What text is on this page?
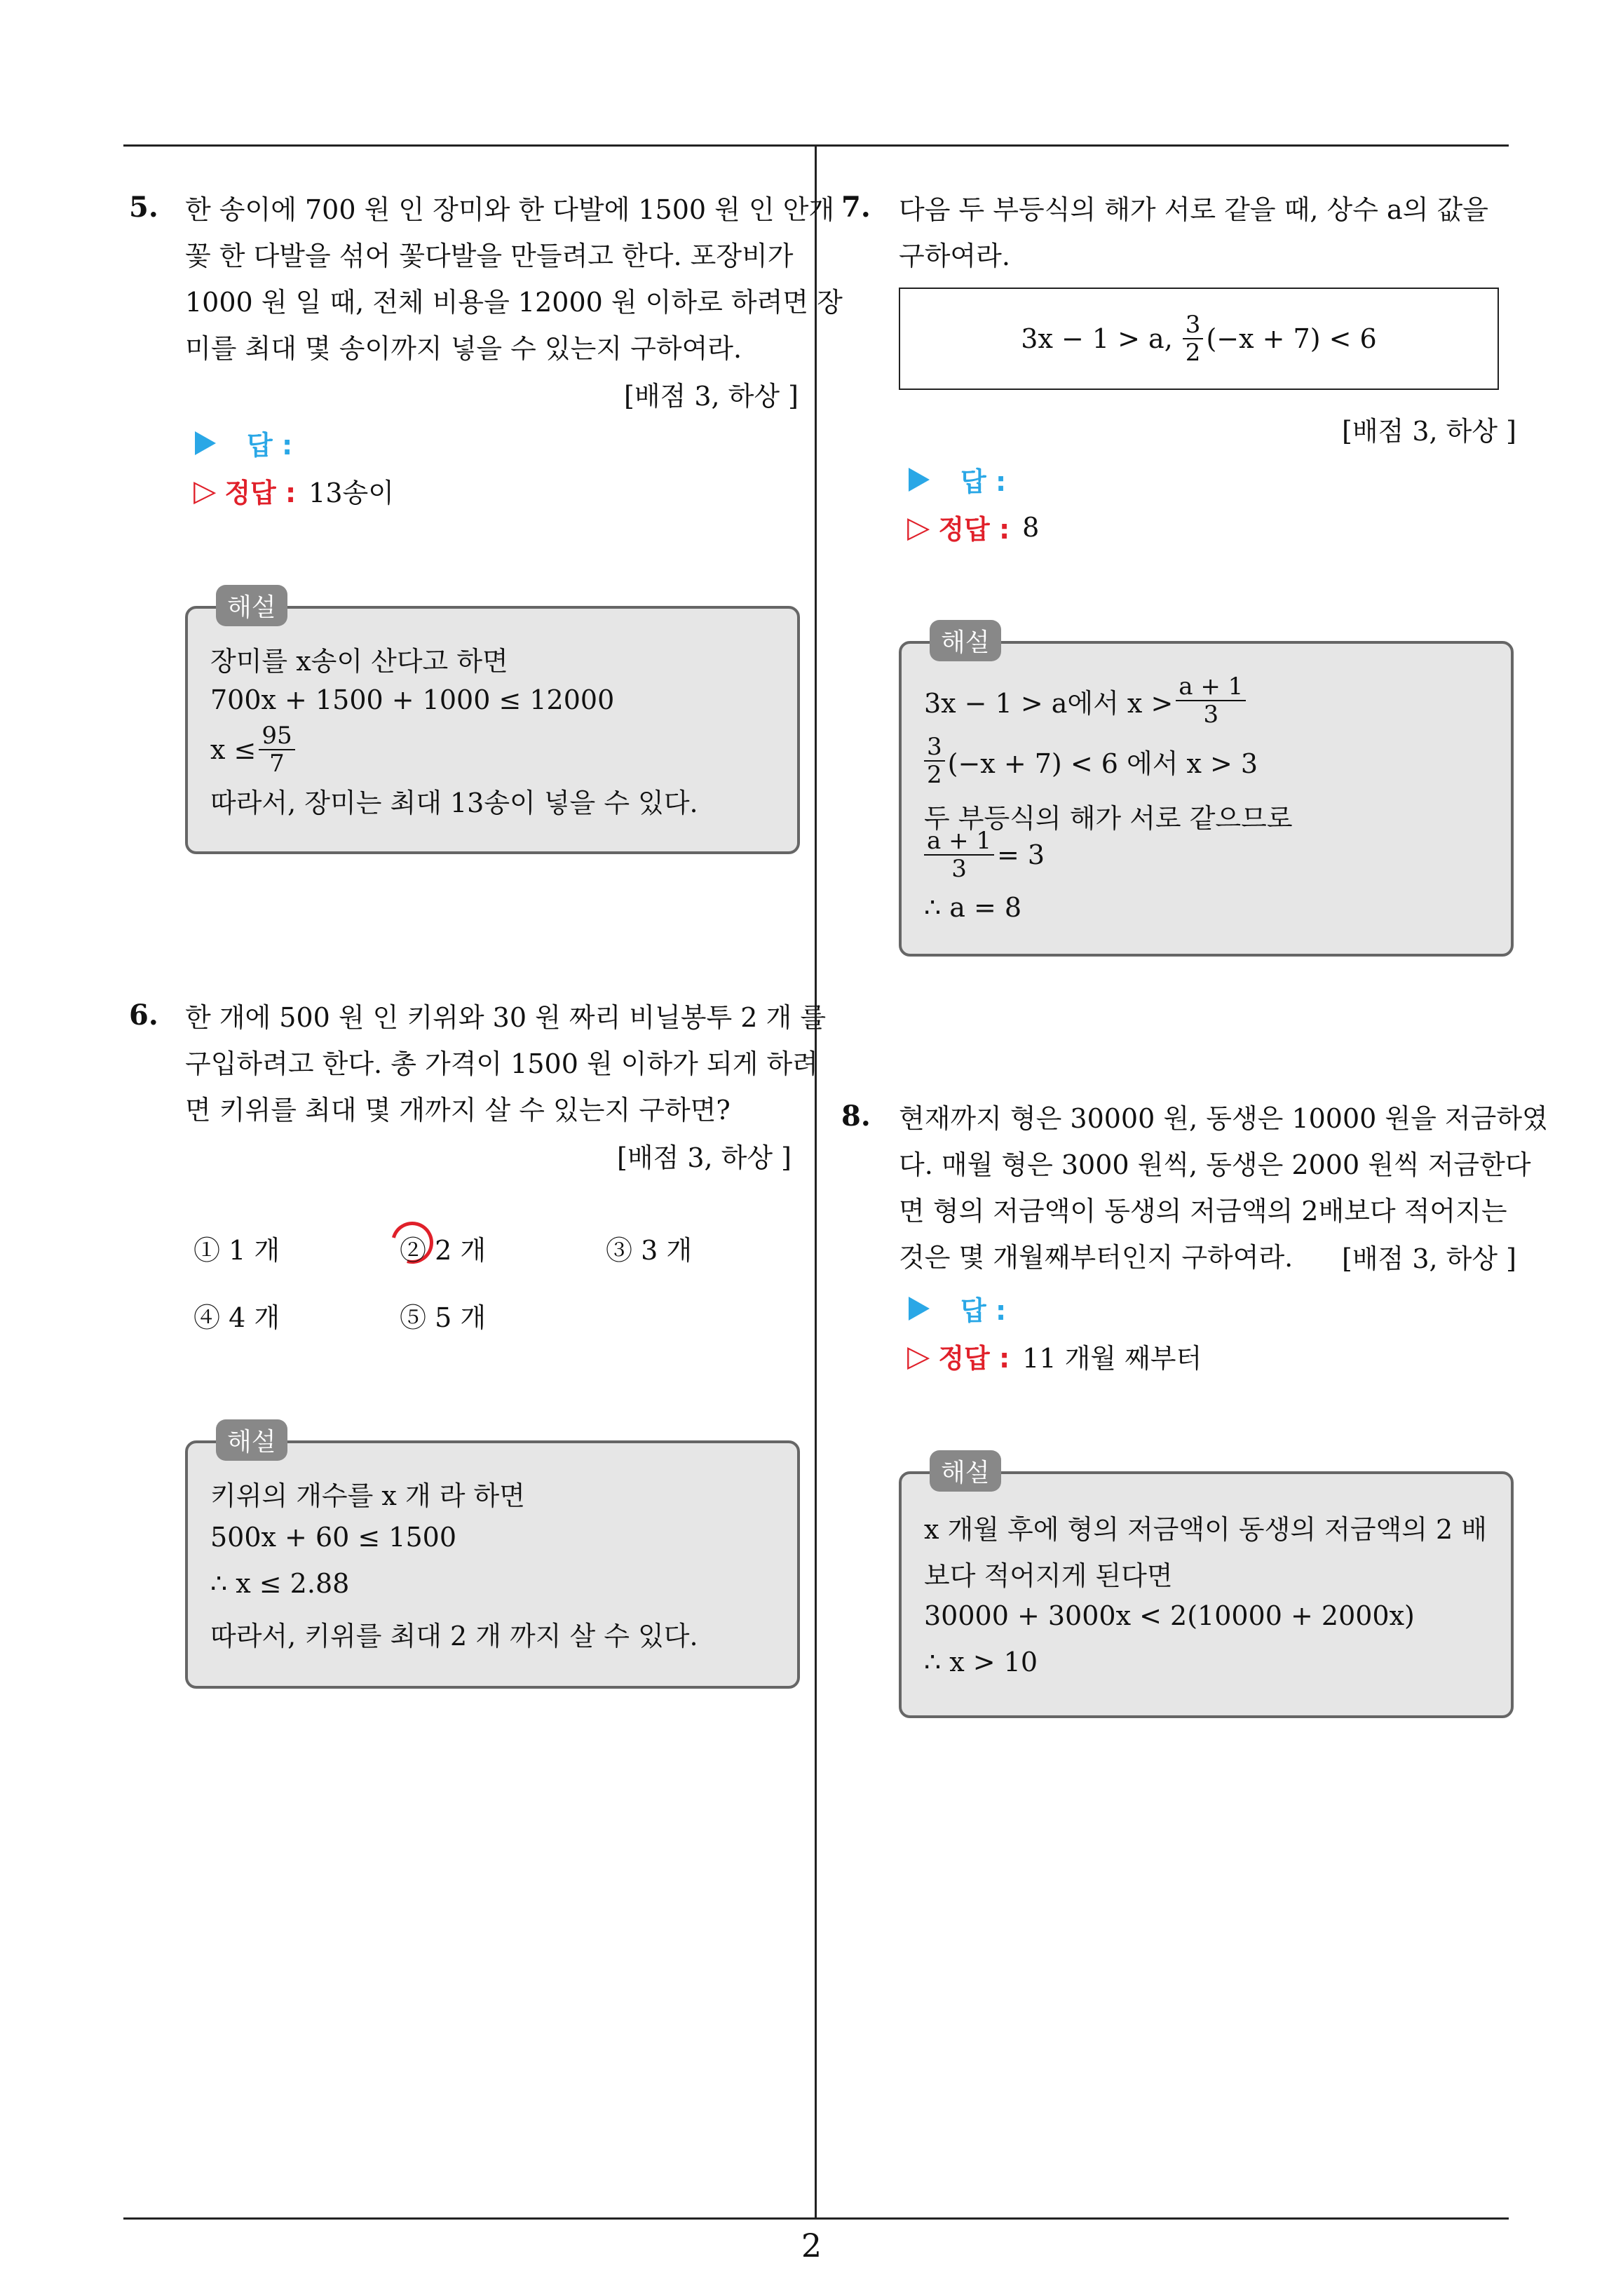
2
5. 한 송이에 700 원 인 장미와 한 다발에 1500 원 인 안개
꽃 한 다발을 섞어 꽃다발을 만들려고 한다. 포장비가
1000 원 일 때, 전체 비용을 12000 원 이하로 하려면 장
미를 최대 몇 송이까지 넣을 수 있는지 구하여라.
[배점 3, 하상 ]
답 :
▷ 정답 : 13송이
해설
장미를 x송이 산다고 하면
700x + 1500 + 1000 ≤ 12000
$x \le \frac{95}{7}$
따라서, 장미는 최대 13송이 넣을 수 있다.
6. 한 개에 500 원 인 키위와 30 원 짜리 비닐봉투 2 개 를
구입하려고 한다. 총 가격이 1500 원 이하가 되게 하려
면 키위를 최대 몇 개까지 살 수 있는지 구하면?
[배점 3, 하상 ]
① 1 개	② 2 개	③ 3 개
④ 4 개	⑤ 5 개
해설
키위의 개수를 x 개 라 하면
500x + 60 ≤ 1500
∴ x ≤ 2.88
따라서, 키위를 최대 2 개 까지 살 수 있다.
7. 다음 두 부등식의 해가 서로 같을 때, 상수 a의 값을
구하여라.
3x − 1 > a, $\frac{3}{2} (-x + 7) < 6$
[배점 3, 하상 ]
답 :
▷ 정답 : 8
해설
3x − 1 > a에서 $x > \frac{a + 1}{3}$
$\frac{3}{2} (-x + 7) < 6$ 에서 x > 3
두 부등식의 해가 서로 같으므로
$\frac{a + 1}{3} = 3$
∴ a = 8
8. 현재까지 형은 30000 원, 동생은 10000 원을 저금하였
다. 매월 형은 3000 원씩, 동생은 2000 원씩 저금한다
면 형의 저금액이 동생의 저금액의 2배보다 적어지는
것은 몇 개월째부터인지 구하여라.	[배점 3, 하상 ]
답 :
▷ 정답 : 11 개월 째부터
해설
x 개월 후에 형의 저금액이 동생의 저금액의 2 배
보다 적어지게 된다면
30000 + 3000x < 2(10000 + 2000x)
∴ x > 10
